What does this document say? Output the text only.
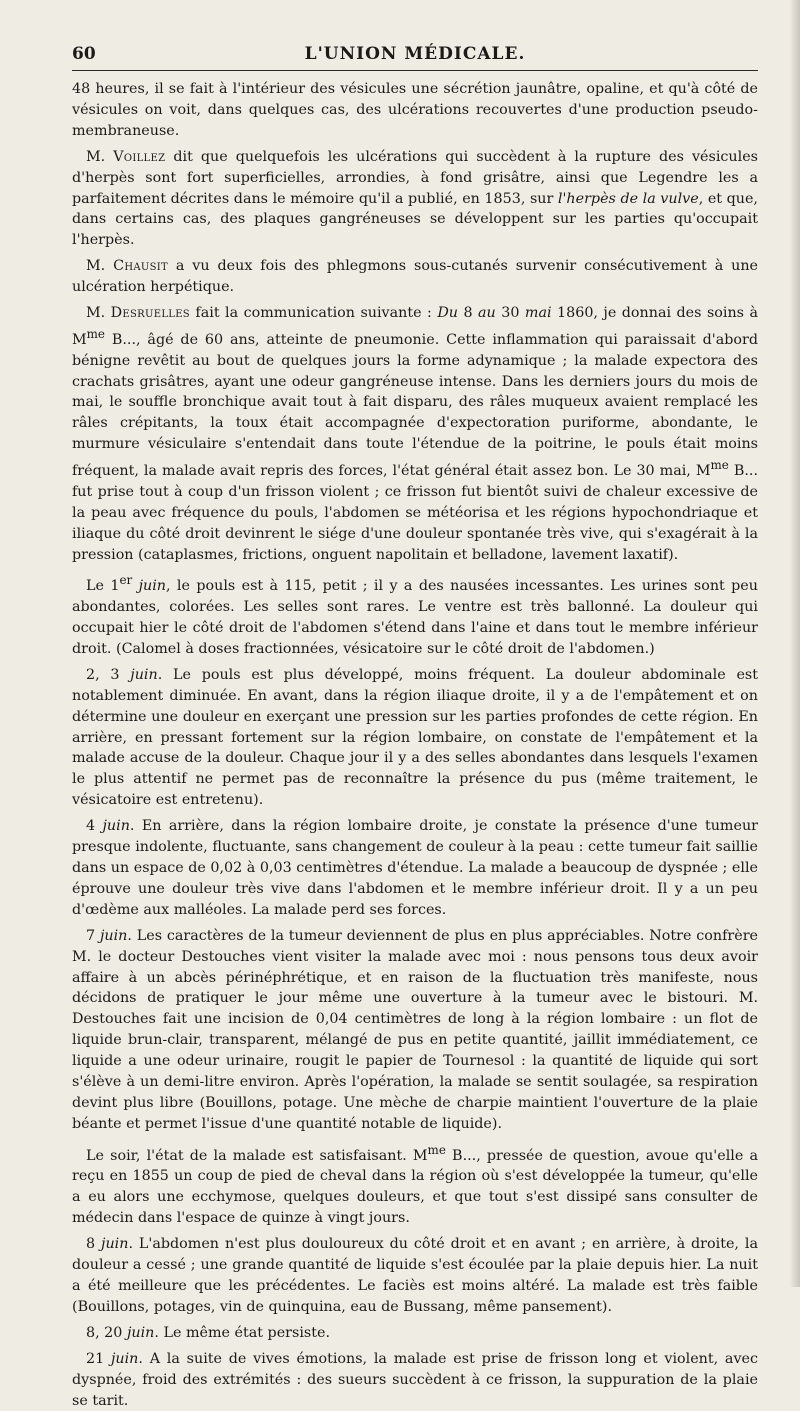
60	L'UNION MÉDICALE.

48 heures, il se fait à l'intérieur des vésicules une sécrétion jaunâtre, opaline, et qu'à côté de vésicules on voit, dans quelques cas, des ulcérations recouvertes d'une production pseudo-membraneuse.

M. Voillez dit que quelquefois les ulcérations qui succèdent à la rupture des vésicules d'herpès sont fort superficielles, arrondies, à fond grisâtre, ainsi que Legendre les a parfaitement décrites dans le mémoire qu'il a publié, en 1853, sur l'herpès de la vulve, et que, dans certains cas, des plaques gangréneuses se développent sur les parties qu'occupait l'herpès.

M. Chausit a vu deux fois des phlegmons sous-cutanés survenir consécutivement à une ulcération herpétique.

M. Desruelles fait la communication suivante : Du 8 au 30 mai 1860, je donnai des soins à $M^{me}$ B..., âgé de 60 ans, atteinte de pneumonie. Cette inflammation qui paraissait d'abord bénigne revêtit au bout de quelques jours la forme adynamique ; la malade expectora des crachats grisâtres, ayant une odeur gangréneuse intense. Dans les derniers jours du mois de mai, le souffle bronchique avait tout à fait disparu, des râles muqueux avaient remplacé les râles crépitants, la toux était accompagnée d'expectoration puriforme, abondante, le murmure vésiculaire s'entendait dans toute l'étendue de la poitrine, le pouls était moins fréquent, la malade avait repris des forces, l'état général était assez bon. Le 30 mai, $M^{me}$ B... fut prise tout à coup d'un frisson violent ; ce frisson fut bientôt suivi de chaleur excessive de la peau avec fréquence du pouls, l'abdomen se météorisa et les régions hypochondriaque et iliaque du côté droit devinrent le siége d'une douleur spontanée très vive, qui s'exagérait à la pression (cataplasmes, frictions, onguent napolitain et belladone, lavement laxatif).

Le 1er juin, le pouls est à 115, petit ; il y a des nausées incessantes. Les urines sont peu abondantes, colorées. Les selles sont rares. Le ventre est très ballonné. La douleur qui occupait hier le côté droit de l'abdomen s'étend dans l'aine et dans tout le membre inférieur droit. (Calomel à doses fractionnées, vésicatoire sur le côté droit de l'abdomen.)

2, 3 juin. Le pouls est plus développé, moins fréquent. La douleur abdominale est notablement diminuée. En avant, dans la région iliaque droite, il y a de l'empâtement et on détermine une douleur en exerçant une pression sur les parties profondes de cette région. En arrière, en pressant fortement sur la région lombaire, on constate de l'empâtement et la malade accuse de la douleur. Chaque jour il y a des selles abondantes dans lesquels l'examen le plus attentif ne permet pas de reconnaître la présence du pus (même traitement, le vésicatoire est entretenu).

4 juin. En arrière, dans la région lombaire droite, je constate la présence d'une tumeur presque indolente, fluctuante, sans changement de couleur à la peau : cette tumeur fait saillie dans un espace de 0,02 à 0,03 centimètres d'étendue. La malade a beaucoup de dyspnée ; elle éprouve une douleur très vive dans l'abdomen et le membre inférieur droit. Il y a un peu d'œdème aux malléoles. La malade perd ses forces.

7 juin. Les caractères de la tumeur deviennent de plus en plus appréciables. Notre confrère M. le docteur Destouches vient visiter la malade avec moi : nous pensons tous deux avoir affaire à un abcès périnéphrétique, et en raison de la fluctuation très manifeste, nous décidons de pratiquer le jour même une ouverture à la tumeur avec le bistouri. M. Destouches fait une incision de 0,04 centimètres de long à la région lombaire : un flot de liquide brun-clair, transparent, mélangé de pus en petite quantité, jaillit immédiatement, ce liquide a une odeur urinaire, rougit le papier de Tournesol : la quantité de liquide qui sort s'élève à un demi-litre environ. Après l'opération, la malade se sentit soulagée, sa respiration devint plus libre (Bouillons, potage. Une mèche de charpie maintient l'ouverture de la plaie béante et permet l'issue d'une quantité notable de liquide).

Le soir, l'état de la malade est satisfaisant. $M^{me}$ B..., pressée de question, avoue qu'elle a reçu en 1855 un coup de pied de cheval dans la région où s'est développée la tumeur, qu'elle a eu alors une ecchymose, quelques douleurs, et que tout s'est dissipé sans consulter de médecin dans l'espace de quinze à vingt jours.

8 juin. L'abdomen n'est plus douloureux du côté droit et en avant ; en arrière, à droite, la douleur a cessé ; une grande quantité de liquide s'est écoulée par la plaie depuis hier. La nuit a été meilleure que les précédentes. Le faciès est moins altéré. La malade est très faible (Bouillons, potages, vin de quinquina, eau de Bussang, même pansement).

8, 20 juin. Le même état persiste.

21 juin. A la suite de vives émotions, la malade est prise de frisson long et violent, avec dyspnée, froid des extrémités : des sueurs succèdent à ce frisson, la suppuration de la plaie se tarit.
